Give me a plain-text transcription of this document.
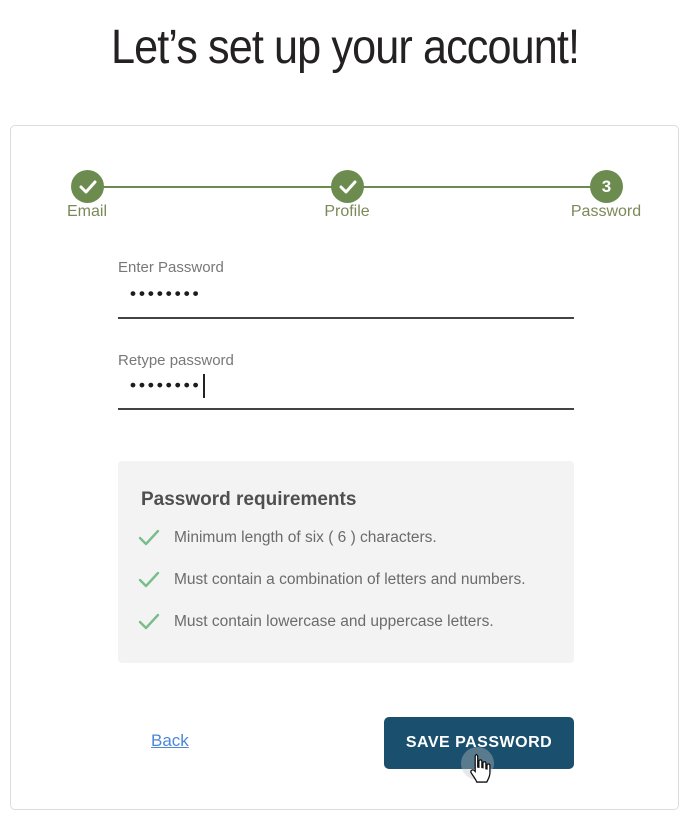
Let’s set up your account!
3
Email	Profile	Password
Enter Password
••••••••
Retype password
••••••••
Password requirements
Minimum length of six ( 6 ) characters.
Must contain a combination of letters and numbers.
Must contain lowercase and uppercase letters.
Back	SAVE PASSWORD
